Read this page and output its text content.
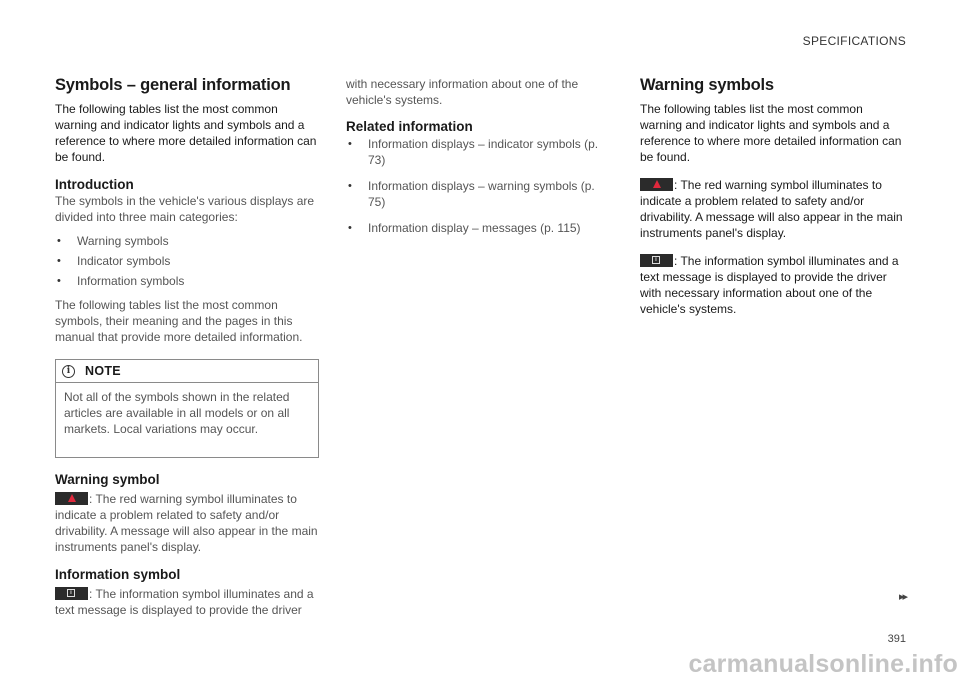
SPECIFICATIONS
Symbols – general information

The following tables list the most common warning and indicator lights and symbols and a reference to where more detailed information can be found.

Introduction

The symbols in the vehicle's various displays are divided into three main categories:

• Warning symbols
• Indicator symbols
• Information symbols

The following tables list the most common symbols, their meaning and the pages in this manual that provide more detailed information.

i	NOTE
Not all of the symbols shown in the related articles are available in all models or on all markets. Local variations may occur.
Warning symbol

: The red warning symbol illuminates to indicate a problem related to safety and/or drivability. A message will also appear in the main instruments panel's display.

Information symbol

i : The information symbol illuminates and a text message is displayed to provide the driver

with necessary information about one of the vehicle's systems.

Related information
• Information displays – indicator symbols (p. 73)
• Information displays – warning symbols (p. 75)
• Information display – messages (p. 115)
Warning symbols

The following tables list the most common warning and indicator lights and symbols and a reference to where more detailed information can be found.

: The red warning symbol illuminates to indicate a problem related to safety and/or drivability. A message will also appear in the main instruments panel's display.

i : The information symbol illuminates and a text message is displayed to provide the driver with necessary information about one of the vehicle's systems.

▸▸
391
carmanualsonline.info
